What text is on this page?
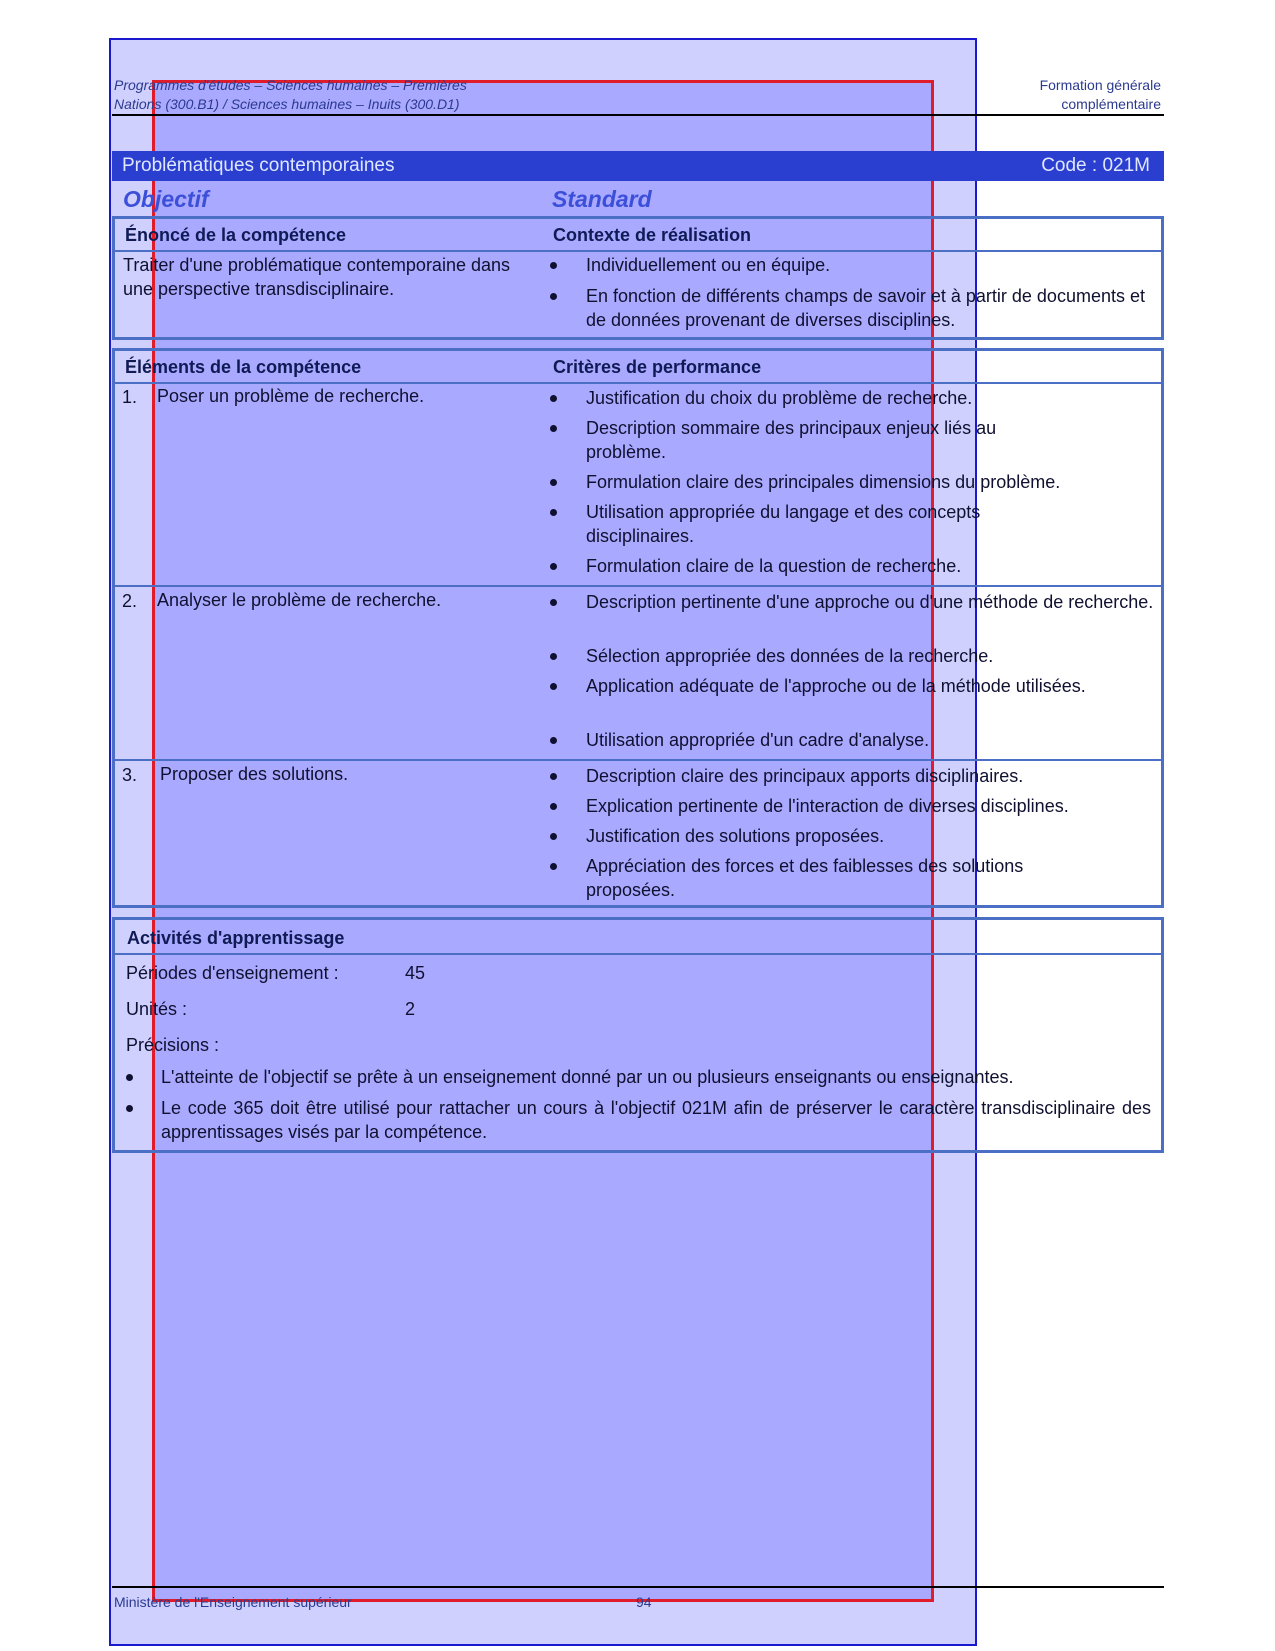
Programmes d'études – Sciences humaines – Premières
Nations (300.B1) / Sciences humaines – Inuits (300.D1)
Formation générale
complémentaire
Problématiques contemporaines	Code : 021M
Objectif	Standard
Énoncé de la compétence	Contexte de réalisation
Traiter d'une problématique contemporaine dans une perspective transdisciplinaire.
Individuellement ou en équipe.
En fonction de différents champs de savoir et à partir de documents et de données provenant de diverses disciplines.
Éléments de la compétence	Critères de performance
1. Poser un problème de recherche.	Justification du choix du problème de recherche.
Description sommaire des principaux enjeux liés au problème.
Formulation claire des principales dimensions du problème.
Utilisation appropriée du langage et des concepts disciplinaires.
Formulation claire de la question de recherche.
2. Analyser le problème de recherche.	Description pertinente d'une approche ou d'une méthode de recherche.
Sélection appropriée des données de la recherche.
Application adéquate de l'approche ou de la méthode utilisées.
Utilisation appropriée d'un cadre d'analyse.
3. Proposer des solutions.	Description claire des principaux apports disciplinaires.
Explication pertinente de l'interaction de diverses disciplines.
Justification des solutions proposées.
Appréciation des forces et des faiblesses des solutions proposées.
Activités d'apprentissage
Périodes d'enseignement :	45
Unités :	2
Précisions :
L'atteinte de l'objectif se prête à un enseignement donné par un ou plusieurs enseignants ou enseignantes.
Le code 365 doit être utilisé pour rattacher un cours à l'objectif 021M afin de préserver le caractère transdisciplinaire des apprentissages visés par la compétence.
Ministère de l'Enseignement supérieur	94
